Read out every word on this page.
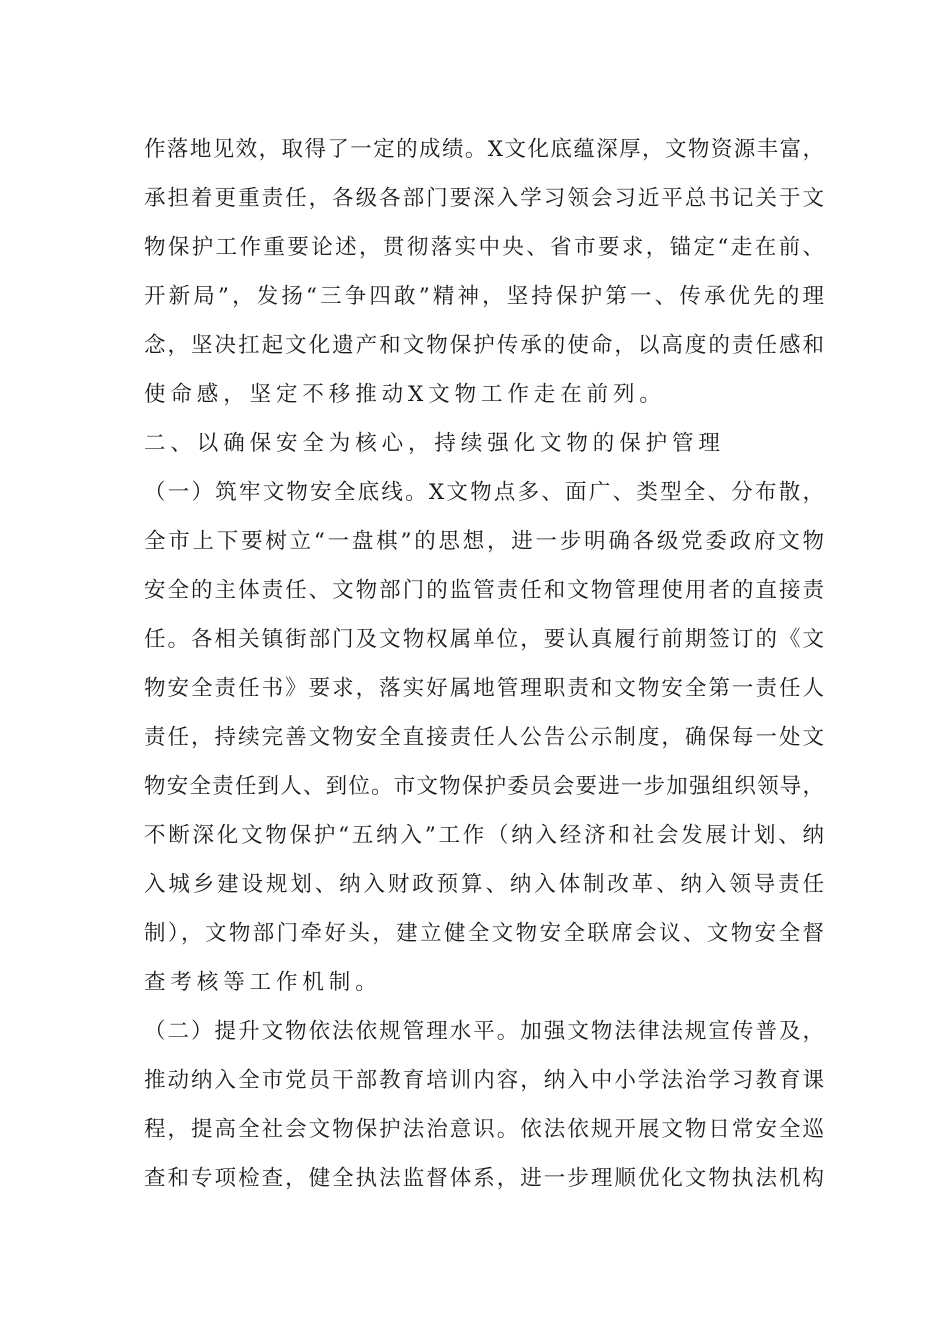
作落地见效，取得了一定的成绩。X文化底蕴深厚，文物资源丰富，
承担着更重责任，各级各部门要深入学习领会习近平总书记关于文
物保护工作重要论述，贯彻落实中央、省市要求，锚定“走在前、
开新局”，发扬“三争四敢”精神，坚持保护第一、传承优先的理
念，坚决扛起文化遗产和文物保护传承的使命，以高度的责任感和
使命感，坚定不移推动X文物工作走在前列。
二、以确保安全为核心，持续强化文物的保护管理
（一）筑牢文物安全底线。X文物点多、面广、类型全、分布散，
全市上下要树立“一盘棋”的思想，进一步明确各级党委政府文物
安全的主体责任、文物部门的监管责任和文物管理使用者的直接责
任。各相关镇街部门及文物权属单位，要认真履行前期签订的《文
物安全责任书》要求，落实好属地管理职责和文物安全第一责任人
责任，持续完善文物安全直接责任人公告公示制度，确保每一处文
物安全责任到人、到位。市文物保护委员会要进一步加强组织领导，
不断深化文物保护“五纳入”工作（纳入经济和社会发展计划、纳
入城乡建设规划、纳入财政预算、纳入体制改革、纳入领导责任
制），文物部门牵好头，建立健全文物安全联席会议、文物安全督
查考核等工作机制。
（二）提升文物依法依规管理水平。加强文物法律法规宣传普及，
推动纳入全市党员干部教育培训内容，纳入中小学法治学习教育课
程，提高全社会文物保护法治意识。依法依规开展文物日常安全巡
查和专项检查，健全执法监督体系，进一步理顺优化文物执法机构
